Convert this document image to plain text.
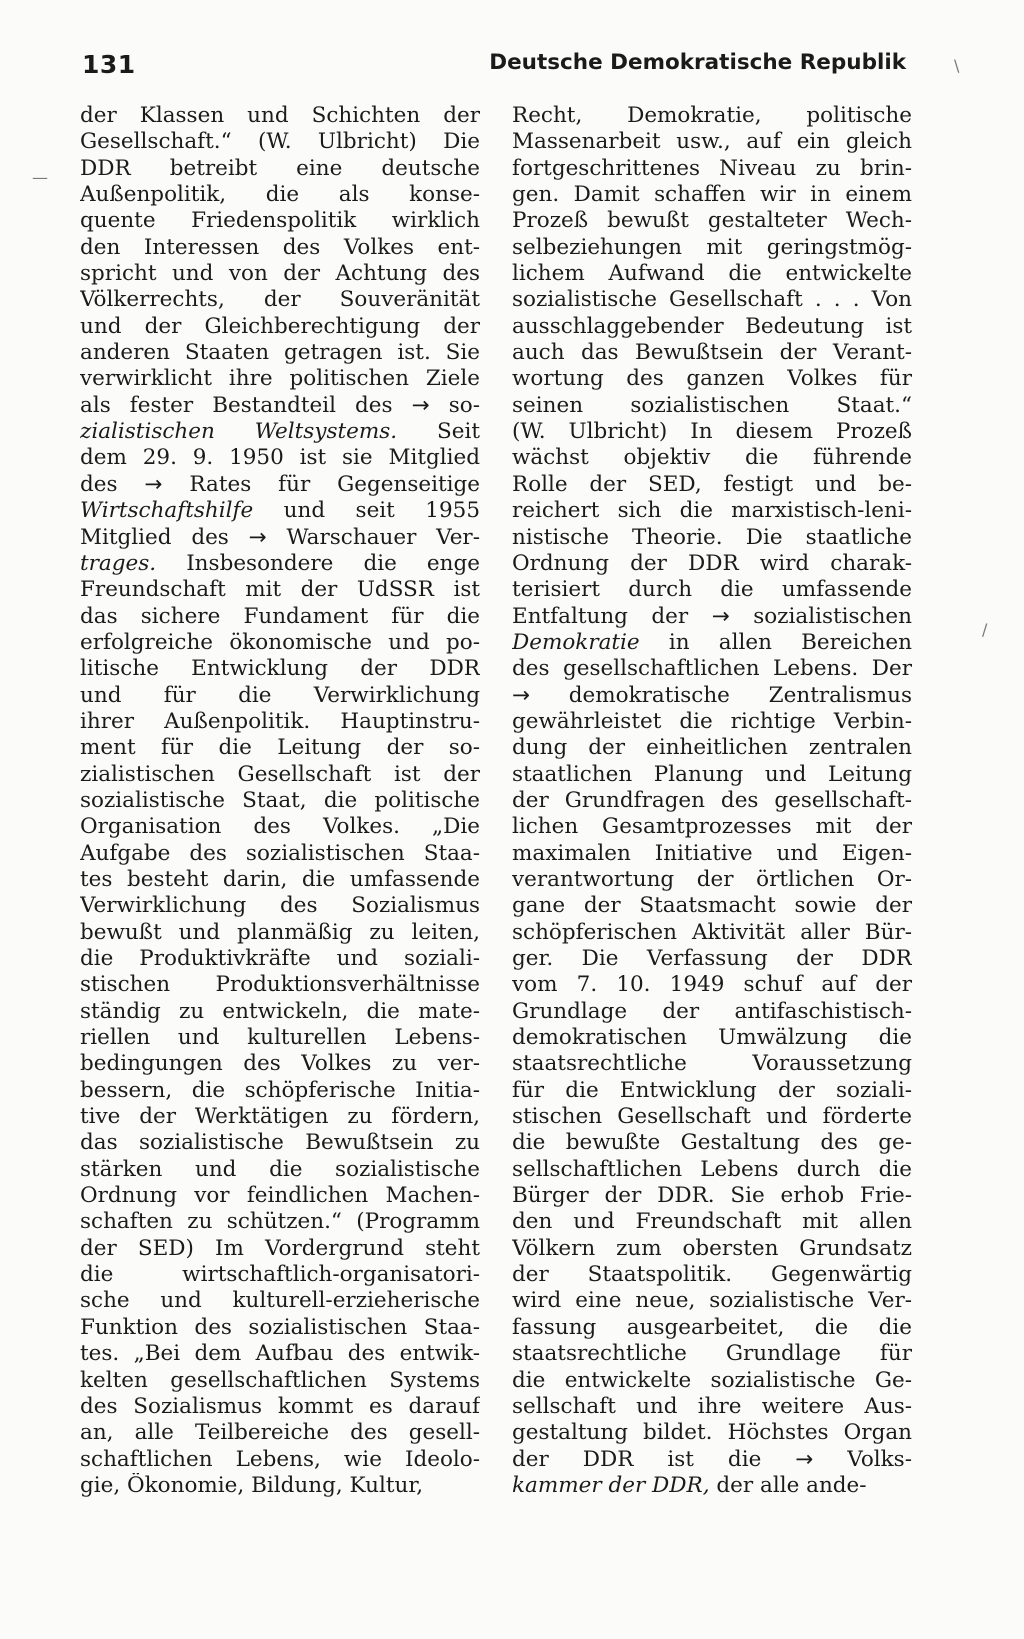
131	Deutsche Demokratische Republik
der Klassen und Schichten der
Gesellschaft.“ (W. Ulbricht) Die
DDR betreibt eine deutsche
Außenpolitik, die als konse-
quente Friedenspolitik wirklich
den Interessen des Volkes ent-
spricht und von der Achtung des
Völkerrechts, der Souveränität
und der Gleichberechtigung der
anderen Staaten getragen ist. Sie
verwirklicht ihre politischen Ziele
als fester Bestandteil des → so-
zialistischen Weltsystems. Seit
dem 29. 9. 1950 ist sie Mitglied
des → Rates für Gegenseitige
Wirtschaftshilfe und seit 1955
Mitglied des → Warschauer Ver-
trages. Insbesondere die enge
Freundschaft mit der UdSSR ist
das sichere Fundament für die
erfolgreiche ökonomische und po-
litische Entwicklung der DDR
und für die Verwirklichung
ihrer Außenpolitik. Hauptinstru-
ment für die Leitung der so-
zialistischen Gesellschaft ist der
sozialistische Staat, die politische
Organisation des Volkes. „Die
Aufgabe des sozialistischen Staa-
tes besteht darin, die umfassende
Verwirklichung des Sozialismus
bewußt und planmäßig zu leiten,
die Produktivkräfte und soziali-
stischen Produktionsverhältnisse
ständig zu entwickeln, die mate-
riellen und kulturellen Lebens-
bedingungen des Volkes zu ver-
bessern, die schöpferische Initia-
tive der Werktätigen zu fördern,
das sozialistische Bewußtsein zu
stärken und die sozialistische
Ordnung vor feindlichen Machen-
schaften zu schützen.“ (Programm
der SED) Im Vordergrund steht
die wirtschaftlich-organisatori-
sche und kulturell-erzieherische
Funktion des sozialistischen Staa-
tes. „Bei dem Aufbau des entwik-
kelten gesellschaftlichen Systems
des Sozialismus kommt es darauf
an, alle Teilbereiche des gesell-
schaftlichen Lebens, wie Ideolo-
gie, Ökonomie, Bildung, Kultur,
Recht, Demokratie, politische
Massenarbeit usw., auf ein gleich
fortgeschrittenes Niveau zu brin-
gen. Damit schaffen wir in einem
Prozeß bewußt gestalteter Wech-
selbeziehungen mit geringstmög-
lichem Aufwand die entwickelte
sozialistische Gesellschaft . . . Von
ausschlaggebender Bedeutung ist
auch das Bewußtsein der Verant-
wortung des ganzen Volkes für
seinen sozialistischen Staat.“
(W. Ulbricht) In diesem Prozeß
wächst objektiv die führende
Rolle der SED, festigt und be-
reichert sich die marxistisch-leni-
nistische Theorie. Die staatliche
Ordnung der DDR wird charak-
terisiert durch die umfassende
Entfaltung der → sozialistischen
Demokratie in allen Bereichen
des gesellschaftlichen Lebens. Der
→ demokratische Zentralismus
gewährleistet die richtige Verbin-
dung der einheitlichen zentralen
staatlichen Planung und Leitung
der Grundfragen des gesellschaft-
lichen Gesamtprozesses mit der
maximalen Initiative und Eigen-
verantwortung der örtlichen Or-
gane der Staatsmacht sowie der
schöpferischen Aktivität aller Bür-
ger. Die Verfassung der DDR
vom 7. 10. 1949 schuf auf der
Grundlage der antifaschistisch-
demokratischen Umwälzung die
staatsrechtliche Voraussetzung
für die Entwicklung der soziali-
stischen Gesellschaft und förderte
die bewußte Gestaltung des ge-
sellschaftlichen Lebens durch die
Bürger der DDR. Sie erhob Frie-
den und Freundschaft mit allen
Völkern zum obersten Grundsatz
der Staatspolitik. Gegenwärtig
wird eine neue, sozialistische Ver-
fassung ausgearbeitet, die die
staatsrechtliche Grundlage für
die entwickelte sozialistische Ge-
sellschaft und ihre weitere Aus-
gestaltung bildet. Höchstes Organ
der DDR ist die → Volks-
kammer der DDR, der alle ande-
—
\
/
